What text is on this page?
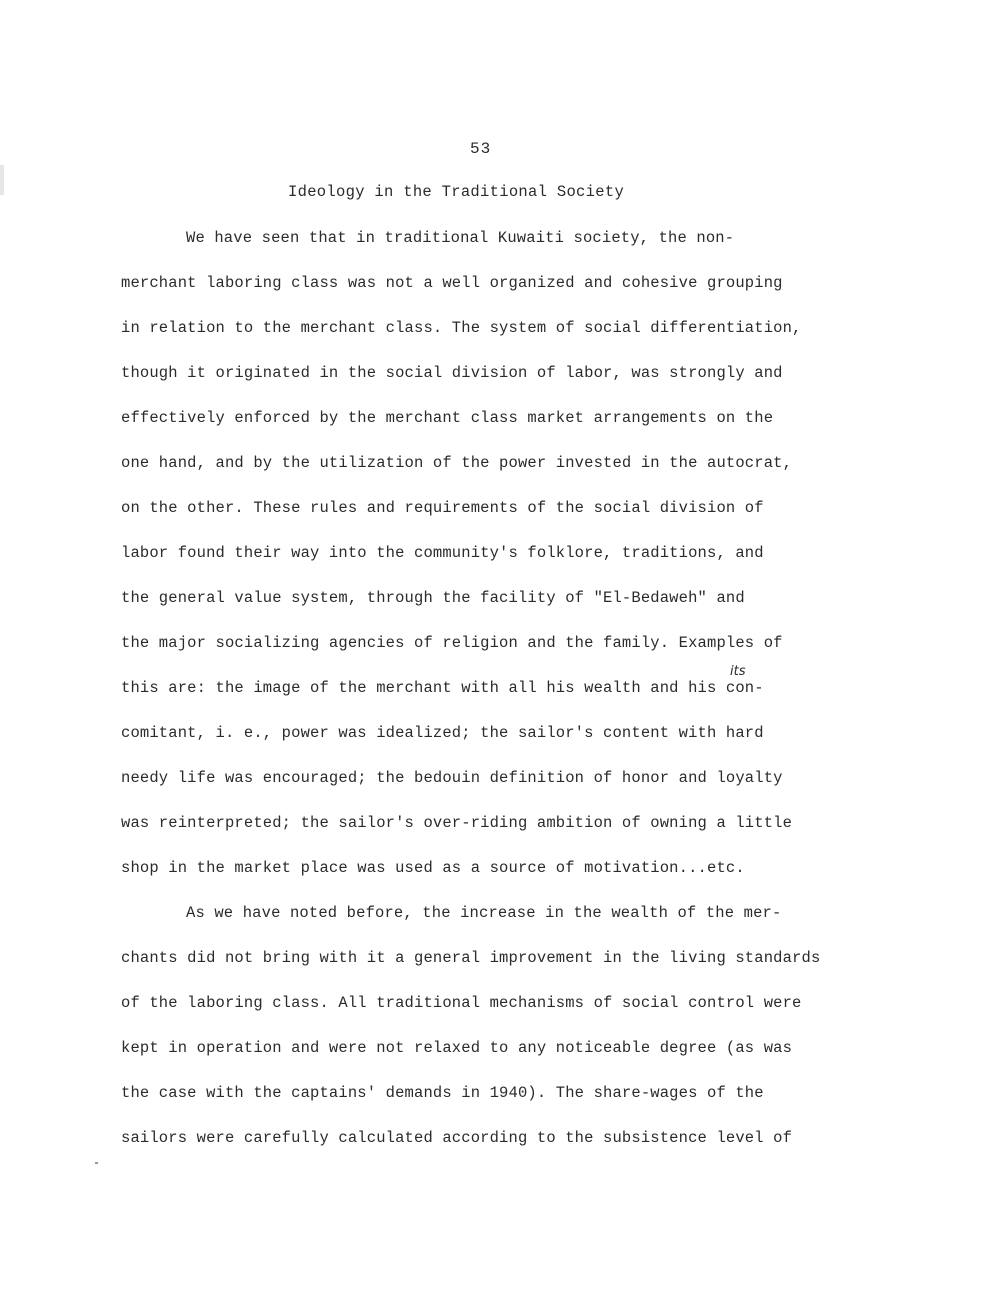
53
Ideology in the Traditional Society
its
We have seen that in traditional Kuwaiti society, the non-
merchant laboring class was not a well organized and cohesive grouping
in relation to the merchant class. The system of social differentiation,
though it originated in the social division of labor, was strongly and
effectively enforced by the merchant class market arrangements on the
one hand, and by the utilization of the power invested in the autocrat,
on the other. These rules and requirements of the social division of
labor found their way into the community's folklore, traditions, and
the general value system, through the facility of "El-Bedaweh" and
the major socializing agencies of religion and the family. Examples of
this are: the image of the merchant with all his wealth and his con-
comitant, i. e., power was idealized; the sailor's content with hard
needy life was encouraged; the bedouin definition of honor and loyalty
was reinterpreted; the sailor's over-riding ambition of owning a little
shop in the market place was used as a source of motivation...etc.
As we have noted before, the increase in the wealth of the mer-
chants did not bring with it a general improvement in the living standards
of the laboring class. All traditional mechanisms of social control were
kept in operation and were not relaxed to any noticeable degree (as was
the case with the captains' demands in 1940). The share-wages of the
sailors were carefully calculated according to the subsistence level of
